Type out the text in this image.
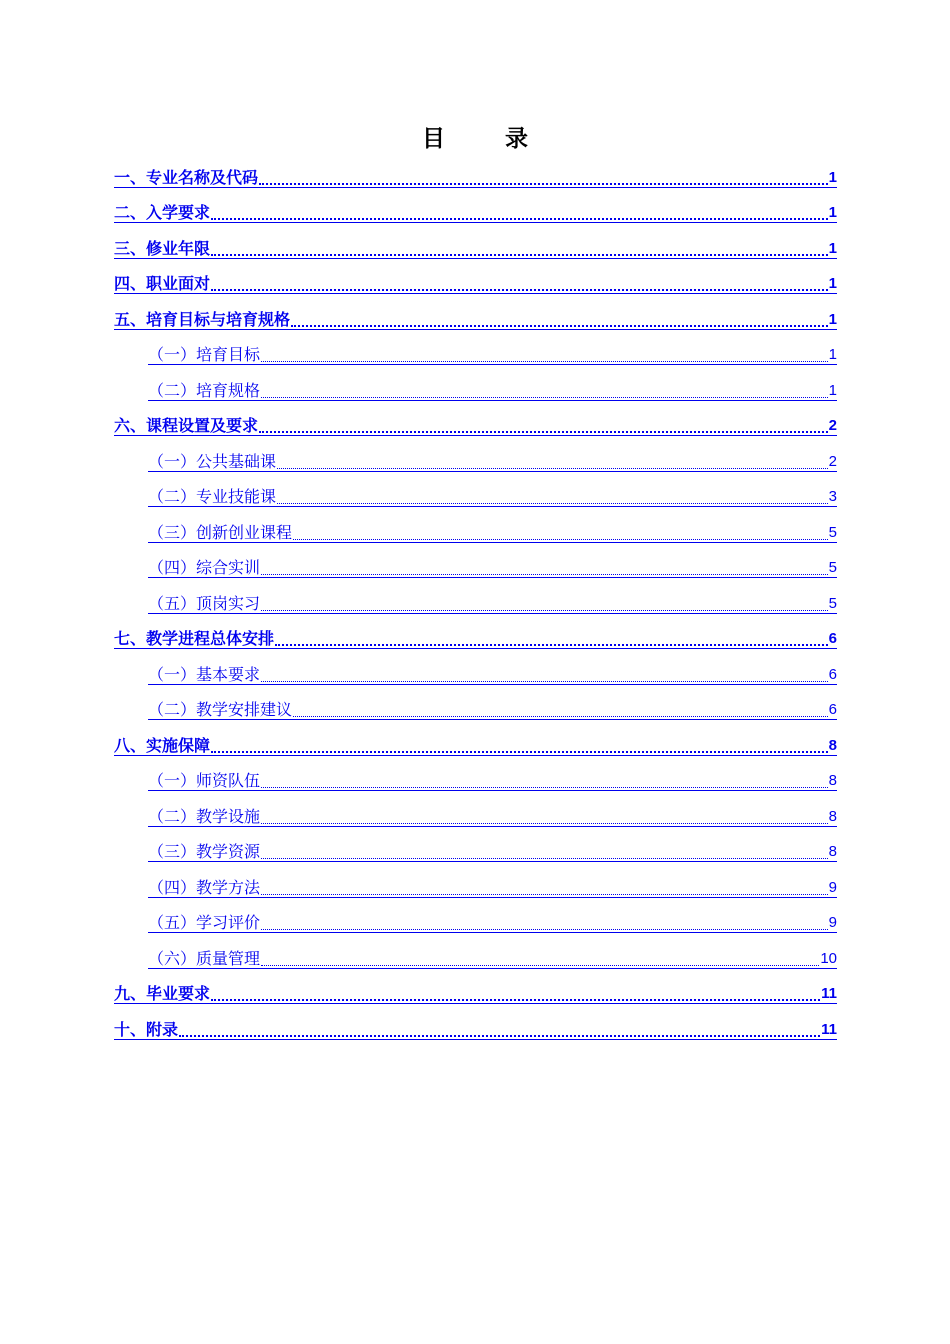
目 录
一、专业名称及代码	1
二、入学要求	1
三、修业年限	1
四、职业面对	1
五、培育目标与培育规格	1
（一）培育目标	1
（二）培育规格	1
六、课程设置及要求	2
（一）公共基础课	2
（二）专业技能课	3
（三）创新创业课程	5
（四）综合实训	5
（五）顶岗实习	5
七、教学进程总体安排	6
（一）基本要求	6
（二）教学安排建议	6
八、实施保障	8
（一）师资队伍	8
（二）教学设施	8
（三）教学资源	8
（四）教学方法	9
（五）学习评价	9
（六）质量管理	10
九、毕业要求	11
十、附录	11
